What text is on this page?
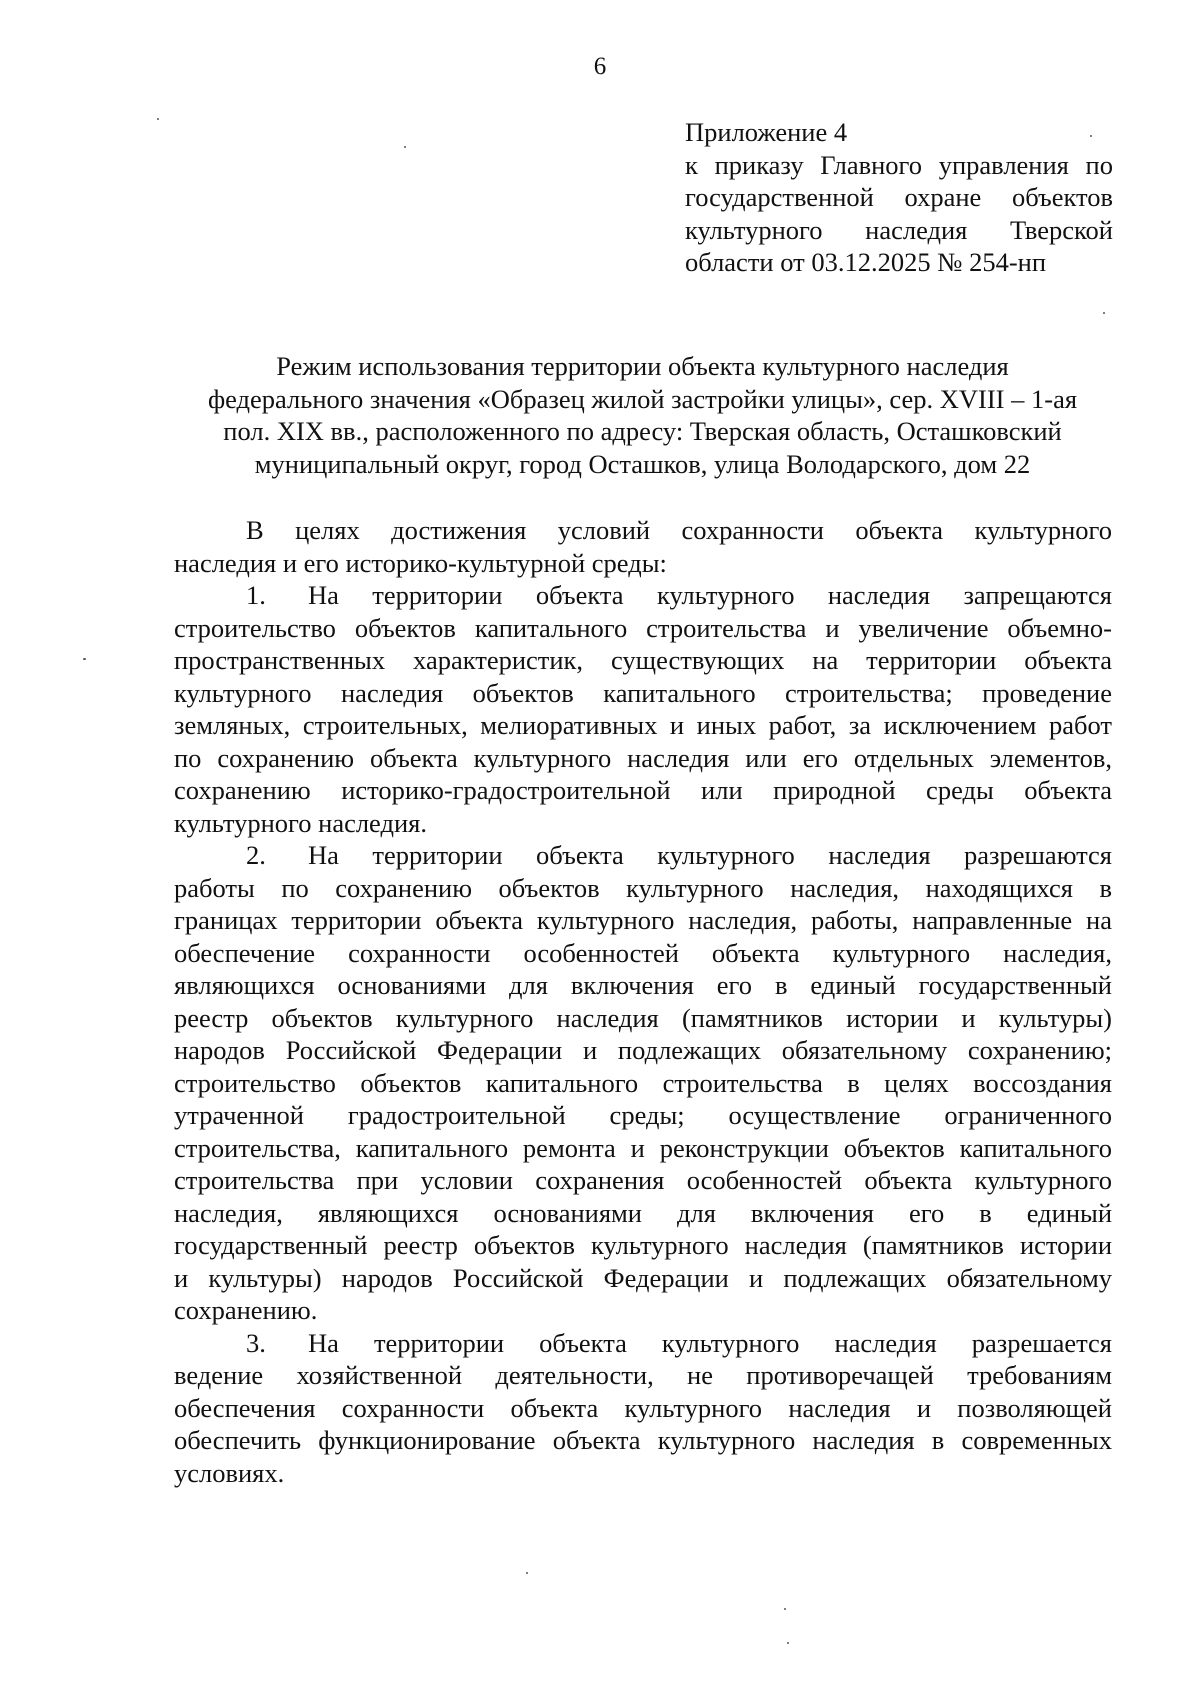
6
Приложение 4
к приказу Главного управления по
государственной охране объектов
культурного наследия Тверской
области от 03.12.2025 № 254-нп
Режим использования территории объекта культурного наследия
федерального значения «Образец жилой застройки улицы», сер. XVIII – 1-ая
пол. XIX вв., расположенного по адресу: Тверская область, Осташковский
муниципальный округ, город Осташков, улица Володарского, дом 22
В целях достижения условий сохранности объекта культурного
наследия и его историко-культурной среды:
1. На территории объекта культурного наследия запрещаются
строительство объектов капитального строительства и увеличение объемно-
пространственных характеристик, существующих на территории объекта
культурного наследия объектов капитального строительства; проведение
земляных, строительных, мелиоративных и иных работ, за исключением работ
по сохранению объекта культурного наследия или его отдельных элементов,
сохранению историко-градостроительной или природной среды объекта
культурного наследия.
2. На территории объекта культурного наследия разрешаются
работы по сохранению объектов культурного наследия, находящихся в
границах территории объекта культурного наследия, работы, направленные на
обеспечение сохранности особенностей объекта культурного наследия,
являющихся основаниями для включения его в единый государственный
реестр объектов культурного наследия (памятников истории и культуры)
народов Российской Федерации и подлежащих обязательному сохранению;
строительство объектов капитального строительства в целях воссоздания
утраченной градостроительной среды; осуществление ограниченного
строительства, капитального ремонта и реконструкции объектов капитального
строительства при условии сохранения особенностей объекта культурного
наследия, являющихся основаниями для включения его в единый
государственный реестр объектов культурного наследия (памятников истории
и культуры) народов Российской Федерации и подлежащих обязательному
сохранению.
3. На территории объекта культурного наследия разрешается
ведение хозяйственной деятельности, не противоречащей требованиям
обеспечения сохранности объекта культурного наследия и позволяющей
обеспечить функционирование объекта культурного наследия в современных
условиях.
